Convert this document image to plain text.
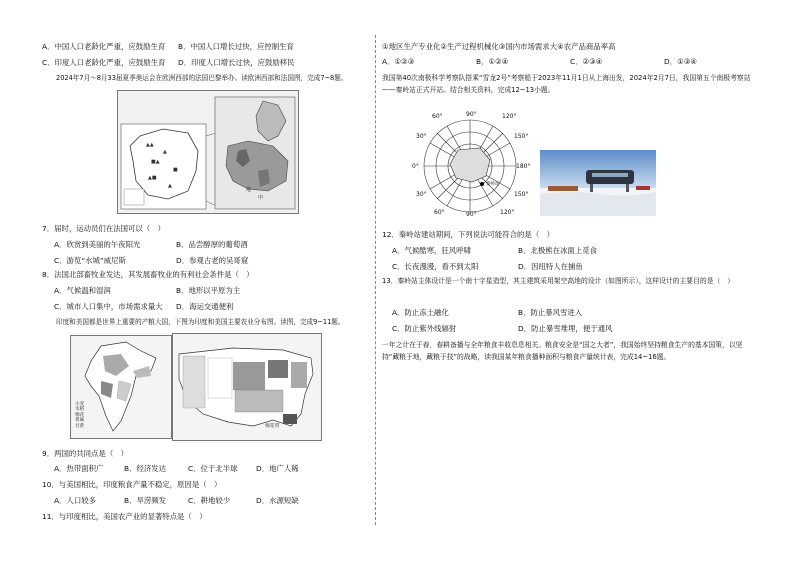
A．中国人口老龄化严重，应鼓励生育 B．中国人口增长过快，应控制生育
C．印度人口老龄化严重，应鼓励生育 D．印度人口增长过快，应鼓励移民
2024年7月～8月33届夏季奥运会在欧洲西部的法国巴黎举办。读欧洲西部和法国图，完成7~8题。
▲▲
▲
■▲
■
▲■
▲
地
中
7．届时，运动员们在法国可以（　）
A．欣赏到美丽的午夜阳光	B．品尝醇厚的葡萄酒
C．游览“水城”威尼斯	D．参观古老的吴哥窟
8．法国北部畜牧业发达，其发展畜牧业的有利社会条件是（　）
A．气候温和湿润	B．地形以平原为主
C．城市人口集中，市场需求量大 D．海运交通便利
印度和美国都是世界上重要的产粮大国，下图为印度和美国主要农业分布图。读图，完成9~11题。
小麦
水稻
棉花
黄麻
甘蔗	棉花带
9．两国的共同点是（　）
A．热带面积广	B．经济发达	C．位于北半球 D．地广人稀
10．与美国相比，印度粮食产量不稳定，原因是（　）
A．人口较多	B．旱涝频发	C．耕地较少	D．水源短缺
11．与印度相比，美国农产业的显著特点是（　）
①地区生产专业化②生产过程机械化③国内市场需求大④农产品商品率高
A．①②③	B．①②④	C．②③④	D．①③④
我国第40次南极科学考察队搭乘“雪龙2号”考察船于2023年11月1日从上海出发，2024年2月7日，我国第五个南极考察站——秦岭站正式开站。结合相关资料，完成12~13小题。
60°	90°	120°
30°	150°
0°	180°
30°	150°
60°	90°	120°
秦岭站
12．秦岭站建站期间，下列说法可能符合的是（　）
A．气候酷寒，狂风呼啸	B．北极熊在冰面上觅食
C．长夜漫漫，看不到太阳	D．因纽特人在捕鱼
13．秦岭站主体设计是一个南十字星造型，其主建筑采用架空高地的设计（如图所示），这样设计的主要目的是（　）
A．防止冻土融化	B．防止暴风雪进入
C．防止紫外线辐射	D．防止暴雪堆埋，便于通风
一年之计在于春，春耕备播与全年粮食丰收息息相关。粮食安全是“国之大者”，我国始终坚持粮食生产的基本国策，以坚持“藏粮于地，藏粮于技”的战略，读我国某年粮食播种面积与粮食产量统计表，完成14~16题。
